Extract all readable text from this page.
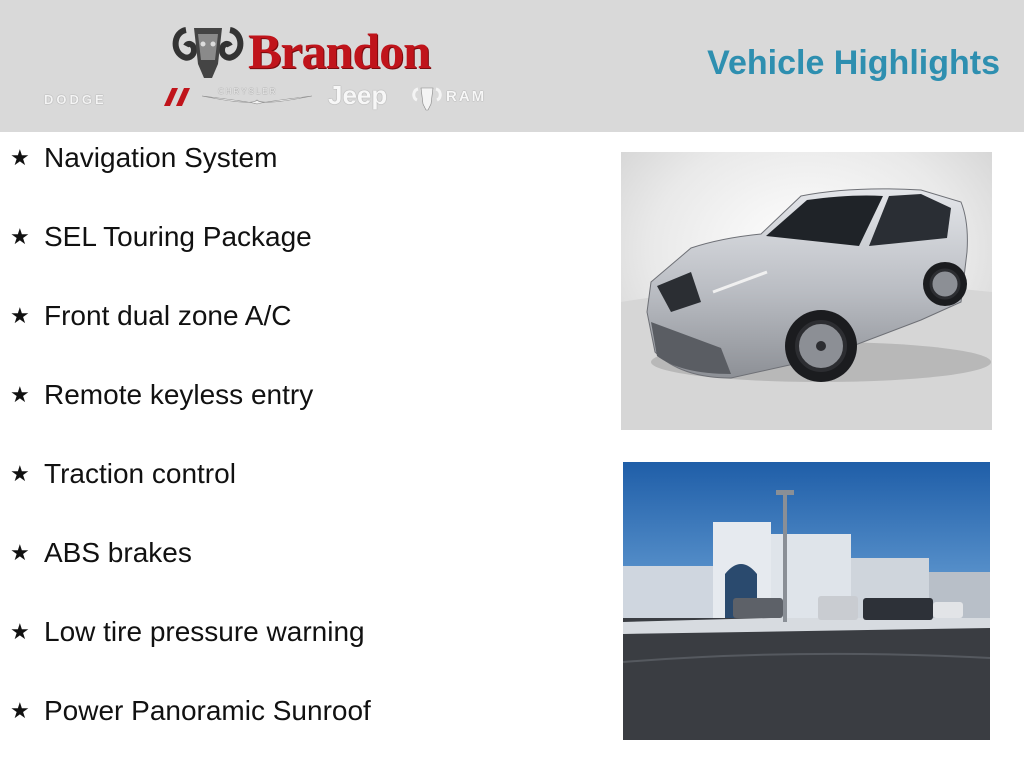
Brandon
DODGE
CHRYSLER Jeep	RAM
Vehicle Highlights
★ Navigation System
★ SEL Touring Package
★ Front dual zone A/C
★ Remote keyless entry
★ Traction control
★ ABS brakes
★ Low tire pressure warning
★ Power Panoramic Sunroof
